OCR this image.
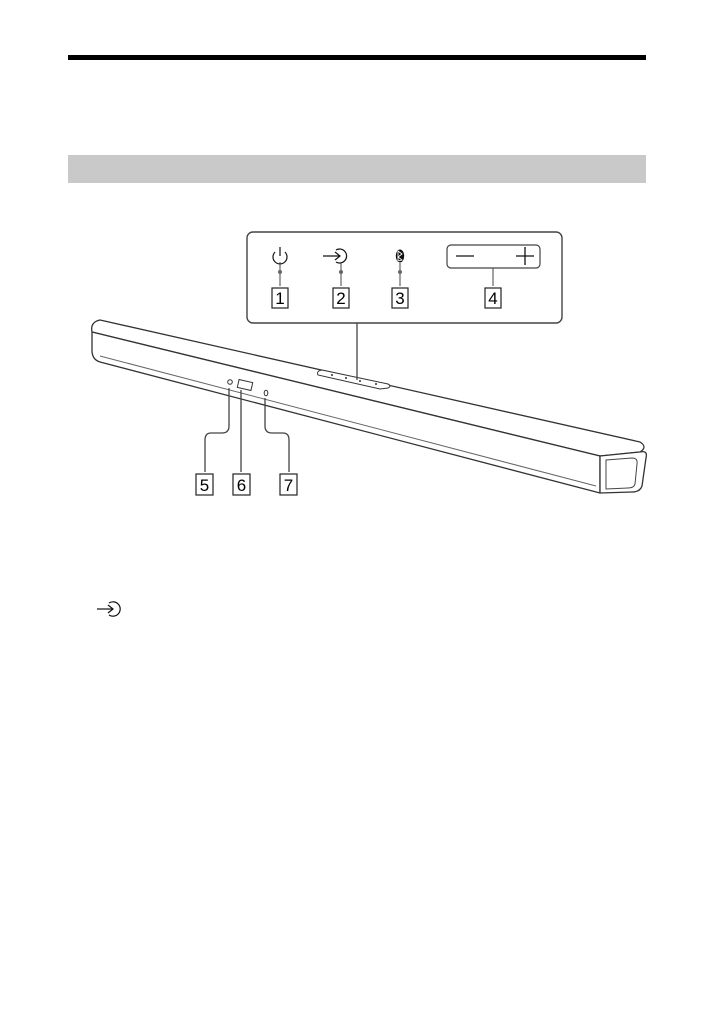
1	2	3	4
5 6 7
